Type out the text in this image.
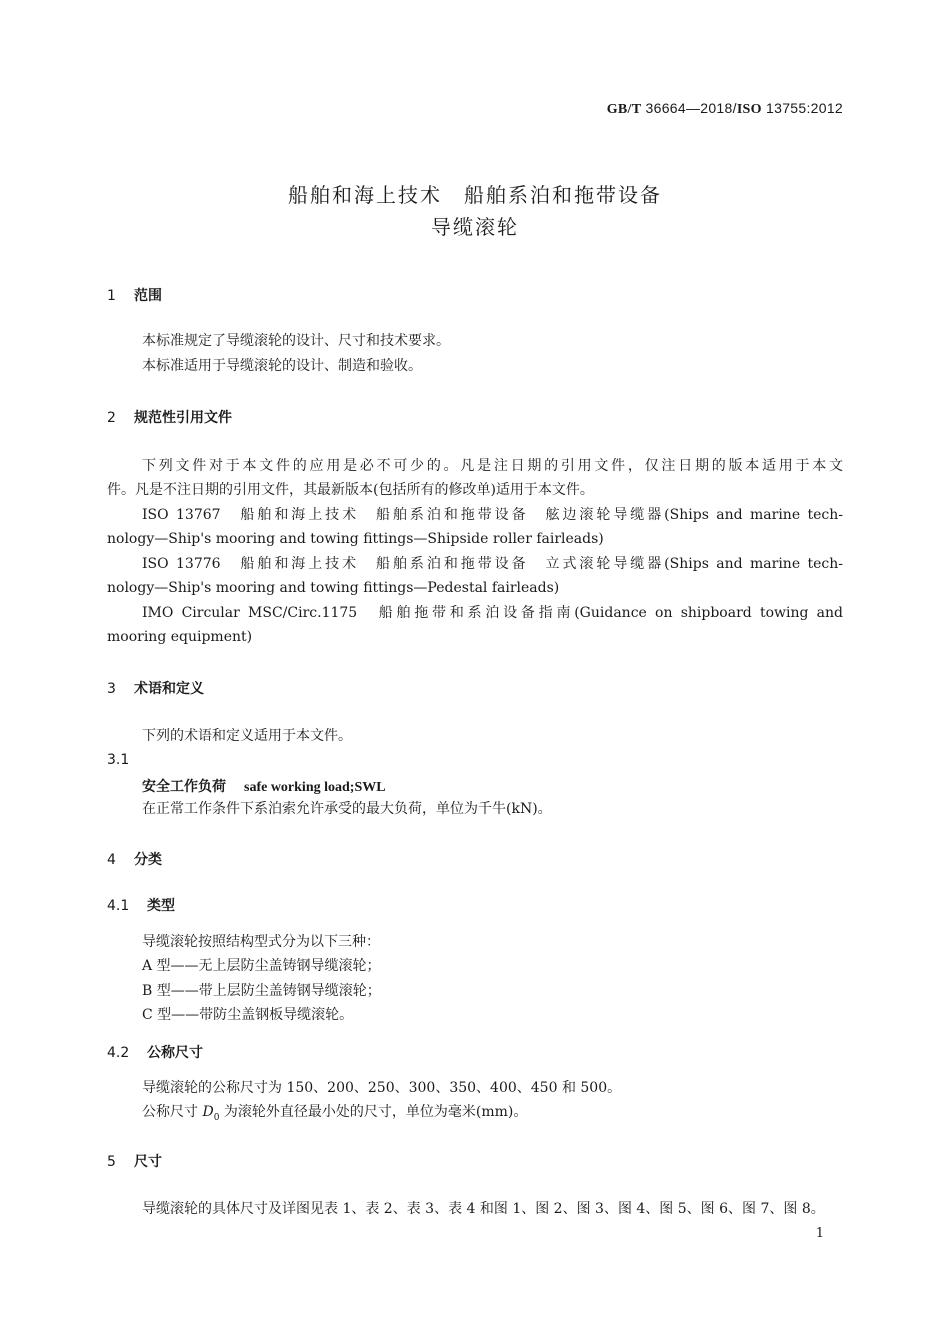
GB/T 36664—2018/ISO 13755:2012
船舶和海上技术　船舶系泊和拖带设备
导缆滚轮
1 范围
本标准规定了导缆滚轮的设计、尺寸和技术要求。
本标准适用于导缆滚轮的设计、制造和验收。
2 规范性引用文件
下列文件对于本文件的应用是必不可少的。凡是注日期的引用文件，仅注日期的版本适用于本文
件。凡是不注日期的引用文件，其最新版本(包括所有的修改单)适用于本文件。
ISO 13767　船舶和海上技术　船舶系泊和拖带设备　舷边滚轮导缆器(Ships and marine tech-
nology—Ship's mooring and towing fittings—Shipside roller fairleads)
ISO 13776　船舶和海上技术　船舶系泊和拖带设备　立式滚轮导缆器(Ships and marine tech-
nology—Ship's mooring and towing fittings—Pedestal fairleads)
IMO Circular MSC/Circ.1175　船舶拖带和系泊设备指南(Guidance on shipboard towing and
mooring equipment)
3 术语和定义
下列的术语和定义适用于本文件。
3.1
安全工作负荷 safe working load;SWL
在正常工作条件下系泊索允许承受的最大负荷，单位为千牛(kN)。
4 分类
4.1 类型
导缆滚轮按照结构型式分为以下三种：
A 型——无上层防尘盖铸钢导缆滚轮；
B 型——带上层防尘盖铸钢导缆滚轮；
C 型——带防尘盖钢板导缆滚轮。
4.2 公称尺寸
导缆滚轮的公称尺寸为 150、200、250、300、350、400、450 和 500。
公称尺寸 $D_0$ 为滚轮外直径最小处的尺寸，单位为毫米(mm)。
5 尺寸
导缆滚轮的具体尺寸及详图见表 1、表 2、表 3、表 4 和图 1、图 2、图 3、图 4、图 5、图 6、图 7、图 8。
1
